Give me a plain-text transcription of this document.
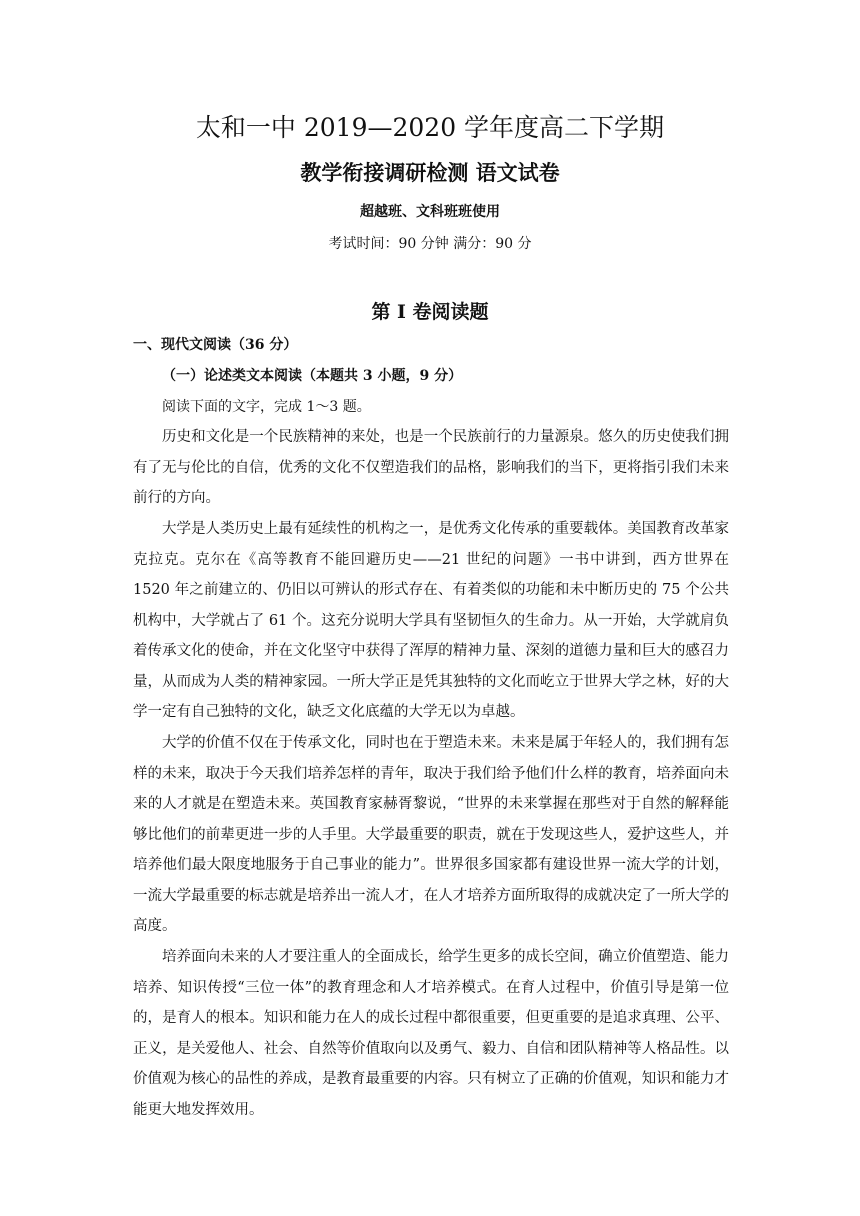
太和一中 2019—2020 学年度高二下学期
教学衔接调研检测 语文试卷
超越班、文科班班使用
考试时间：90 分钟 满分：90 分
第 I 卷阅读题
一、现代文阅读（36 分）
（一）论述类文本阅读（本题共 3 小题，9 分）
阅读下面的文字，完成 1～3 题。

历史和文化是一个民族精神的来处，也是一个民族前行的力量源泉。悠久的历史使我们拥有了无与伦比的自信，优秀的文化不仅塑造我们的品格，影响我们的当下，更将指引我们未来前行的方向。

大学是人类历史上最有延续性的机构之一，是优秀文化传承的重要载体。美国教育改革家克拉克。克尔在《高等教育不能回避历史——21 世纪的问题》一书中讲到，西方世界在 1520 年之前建立的、仍旧以可辨认的形式存在、有着类似的功能和未中断历史的 75 个公共机构中，大学就占了 61 个。这充分说明大学具有坚韧恒久的生命力。从一开始，大学就肩负着传承文化的使命，并在文化坚守中获得了浑厚的精神力量、深刻的道德力量和巨大的感召力量，从而成为人类的精神家园。一所大学正是凭其独特的文化而屹立于世界大学之林，好的大学一定有自己独特的文化，缺乏文化底蕴的大学无以为卓越。

大学的价值不仅在于传承文化，同时也在于塑造未来。未来是属于年轻人的，我们拥有怎样的未来，取决于今天我们培养怎样的青年，取决于我们给予他们什么样的教育，培养面向未来的人才就是在塑造未来。英国教育家赫胥黎说，“世界的未来掌握在那些对于自然的解释能够比他们的前辈更进一步的人手里。大学最重要的职责，就在于发现这些人，爱护这些人，并培养他们最大限度地服务于自己事业的能力”。世界很多国家都有建设世界一流大学的计划，一流大学最重要的标志就是培养出一流人才，在人才培养方面所取得的成就决定了一所大学的高度。

培养面向未来的人才要注重人的全面成长，给学生更多的成长空间，确立价值塑造、能力培养、知识传授“三位一体”的教育理念和人才培养模式。在育人过程中，价值引导是第一位的，是育人的根本。知识和能力在人的成长过程中都很重要，但更重要的是追求真理、公平、正义，是关爱他人、社会、自然等价值取向以及勇气、毅力、自信和团队精神等人格品性。以价值观为核心的品性的养成，是教育最重要的内容。只有树立了正确的价值观，知识和能力才能更大地发挥效用。
